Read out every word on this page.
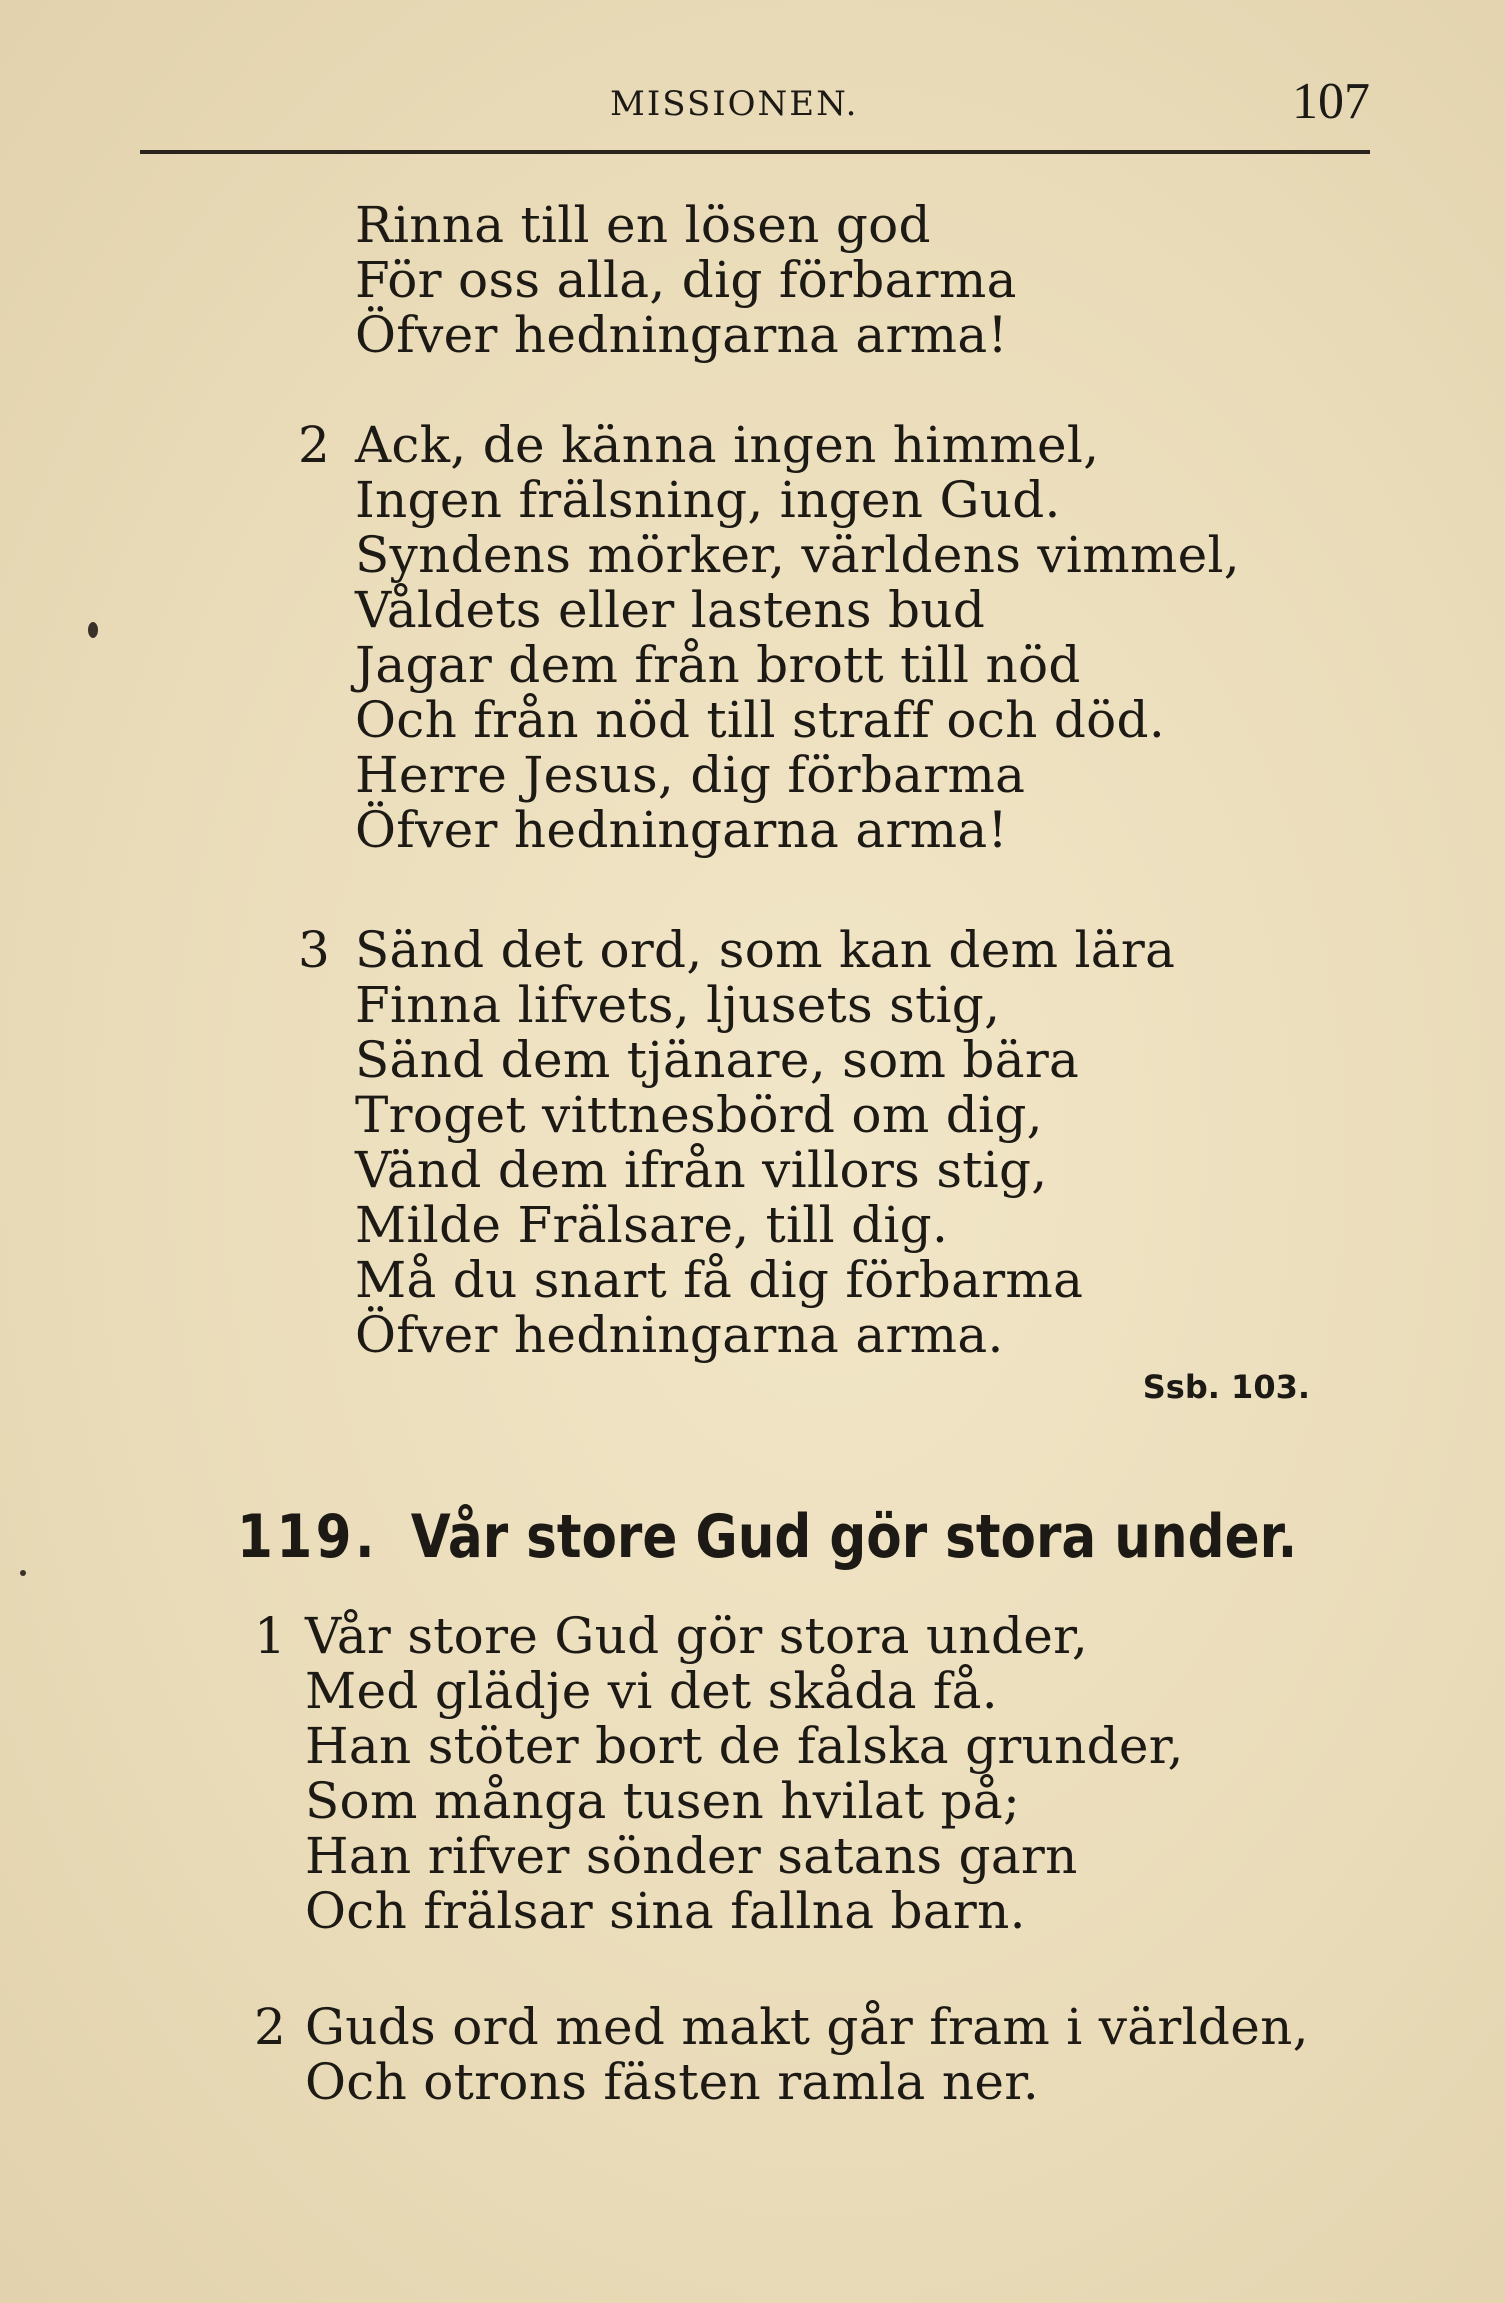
MISSIONEN.	107
Rinna till en lösen god
För oss alla, dig förbarma
Öfver hedningarna arma!
2 Ack, de känna ingen himmel,
Ingen frälsning, ingen Gud.
Syndens mörker, världens vimmel,
Våldets eller lastens bud
Jagar dem från brott till nöd
Och från nöd till straff och död.
Herre Jesus, dig förbarma
Öfver hedningarna arma!
3 Sänd det ord, som kan dem lära
Finna lifvets, ljusets stig,
Sänd dem tjänare, som bära
Troget vittnesbörd om dig,
Vänd dem ifrån villors stig,
Milde Frälsare, till dig.
Må du snart få dig förbarma
Öfver hedningarna arma.
Ssb. 103.
119. Vår store Gud gör stora under.
1 Vår store Gud gör stora under,
Med glädje vi det skåda få.
Han stöter bort de falska grunder,
Som många tusen hvilat på;
Han rifver sönder satans garn
Och frälsar sina fallna barn.
2 Guds ord med makt går fram i världen,
Och otrons fästen ramla ner.
